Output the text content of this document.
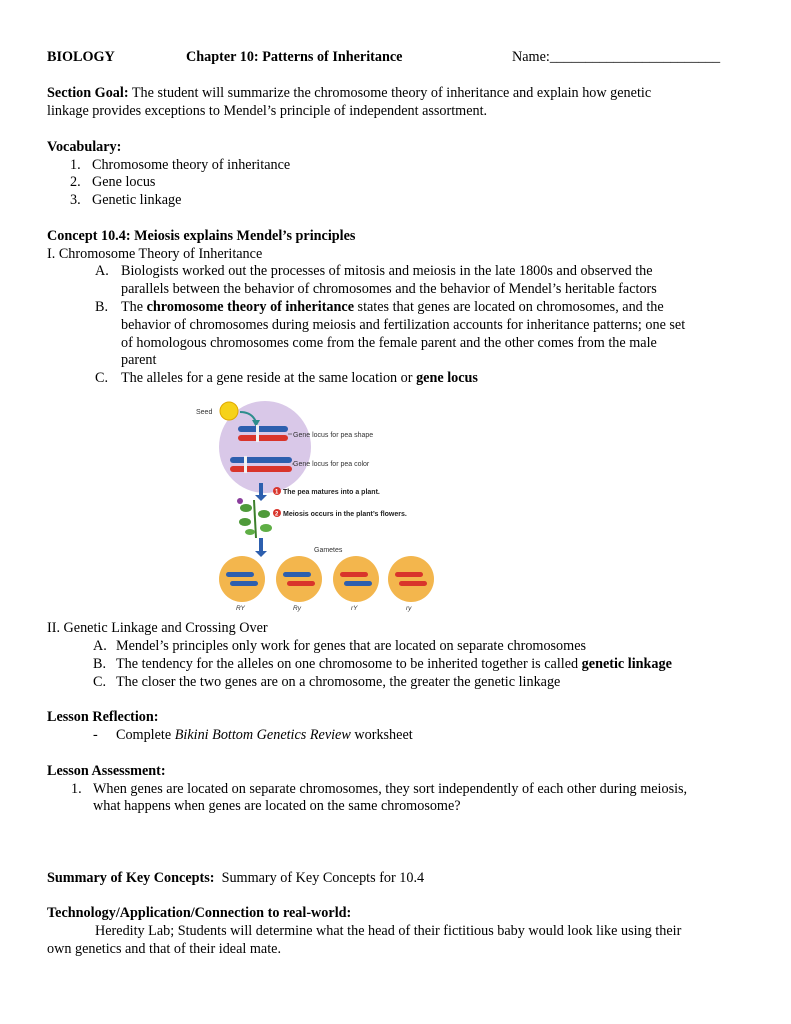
BIOLOGY	Chapter 10: Patterns of Inheritance	Name:________________________
Section Goal: The student will summarize the chromosome theory of inheritance and explain how genetic
linkage provides exceptions to Mendel’s principle of independent assortment.
Vocabulary:
1. Chromosome theory of inheritance
2. Gene locus
3. Genetic linkage
Concept 10.4: Meiosis explains Mendel’s principles
I. Chromosome Theory of Inheritance
A. Biologists worked out the processes of mitosis and meiosis in the late 1800s and observed the
parallels between the behavior of chromosomes and the behavior of Mendel’s heritable factors
B. The chromosome theory of inheritance states that genes are located on chromosomes, and the
behavior of chromosomes during meiosis and fertilization accounts for inheritance patterns; one set
of homologous chromosomes come from the female parent and the other comes from the male
parent
C. The alleles for a gene reside at the same location or gene locus
Seed
Gene locus for pea shape
Gene locus for pea color
1 The pea matures into a plant.
2 Meiosis occurs in the plant’s flowers.
Gametes
RY	Ry	rY	ry
II. Genetic Linkage and Crossing Over
A. Mendel’s principles only work for genes that are located on separate chromosomes
B. The tendency for the alleles on one chromosome to be inherited together is called genetic linkage
C. The closer the two genes are on a chromosome, the greater the genetic linkage
Lesson Reflection:
- Complete Bikini Bottom Genetics Review worksheet
Lesson Assessment:
1. When genes are located on separate chromosomes, they sort independently of each other during meiosis,
what happens when genes are located on the same chromosome?
Summary of Key Concepts: Summary of Key Concepts for 10.4
Technology/Application/Connection to real-world:
Heredity Lab; Students will determine what the head of their fictitious baby would look like using their
own genetics and that of their ideal mate.
